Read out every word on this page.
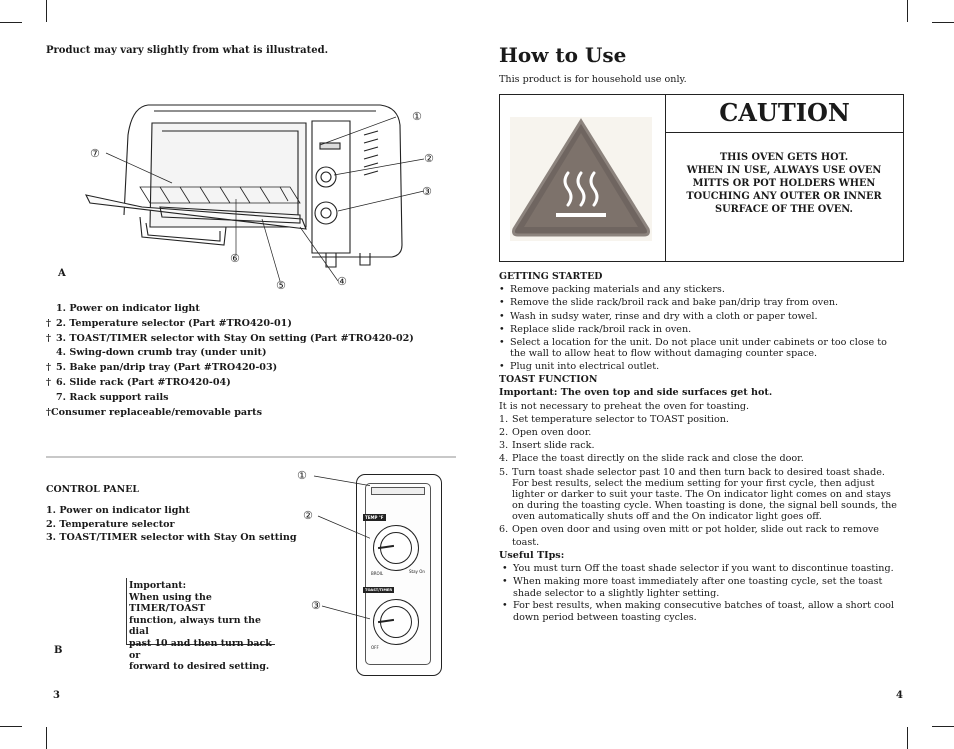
Product may vary slightly from what is illustrated.
①
②
③
④
⑤
⑥
⑦
A
1. Power on indicator light
† 2. Temperature selector (Part #TRO420-01)
† 3. TOAST/TIMER selector with Stay On setting (Part #TRO420-02)
4. Swing-down crumb tray (under unit)
† 5. Bake pan/drip tray (Part #TRO420-03)
† 6. Slide rack (Part #TRO420-04)
7. Rack support rails
†Consumer replaceable/removable parts
CONTROL PANEL
1. Power on indicator light
2. Temperature selector
3. TOAST/TIMER selector with Stay On setting
Important:
When using the TIMER/TOAST
function, always turn the dial
past 10 and then turn back or
forward to desired setting.
TEMP °F
BROIL	Stay On
TOAST/TIMER
OFF
①
②
③
B
3
How to Use
This product is for household use only.
CAUTION
THIS OVEN GETS HOT.
WHEN IN USE, ALWAYS USE OVEN
MITTS OR POT HOLDERS WHEN
TOUCHING ANY OUTER OR INNER
SURFACE OF THE OVEN.
GETTING STARTED
• Remove packing materials and any stickers.
• Remove the slide rack/broil rack and bake pan/drip tray from oven.
• Wash in sudsy water, rinse and dry with a cloth or paper towel.
• Replace slide rack/broil rack in oven.
• Select a location for the unit. Do not place unit under cabinets or too close to the wall to allow heat to flow without damaging counter space.
• Plug unit into electrical outlet.
TOAST FUNCTION
Important: The oven top and side surfaces get hot.
It is not necessary to preheat the oven for toasting.
1. Set temperature selector to TOAST position.
2. Open oven door.
3. Insert slide rack.
4. Place the toast directly on the slide rack and close the door.
5. Turn toast shade selector past 10 and then turn back to desired toast shade. For best results, select the medium setting for your first cycle, then adjust lighter or darker to suit your taste. The On indicator light comes on and stays on during the toasting cycle. When toasting is done, the signal bell sounds, the oven automatically shuts off and the On indicator light goes off.
6. Open oven door and using oven mitt or pot holder, slide out rack to remove toast.
Useful TIps:
• You must turn Off the toast shade selector if you want to discontinue toasting.
• When making more toast immediately after one toasting cycle, set the toast shade selector to a slightly lighter setting.
• For best results, when making consecutive batches of toast, allow a short cool down period between toasting cycles.
4
